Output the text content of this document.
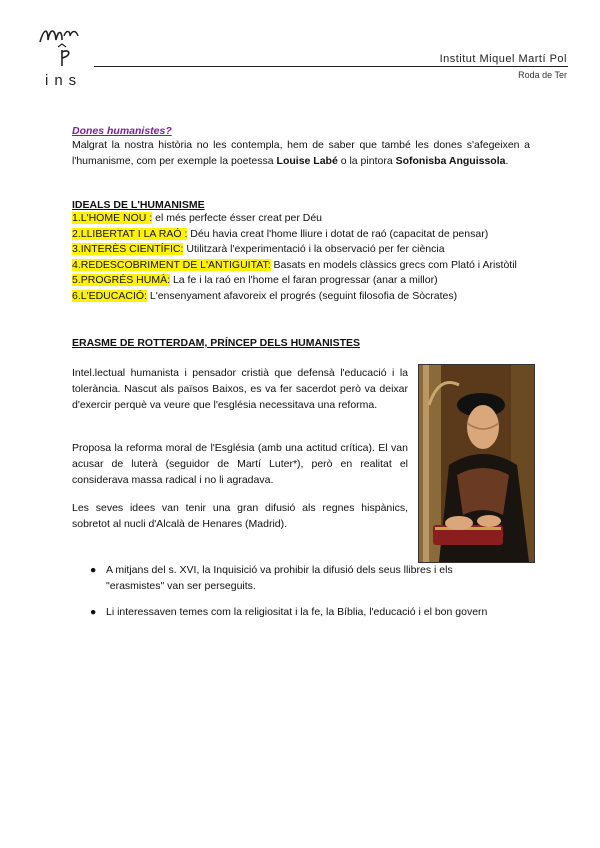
ins
Institut Miquel Martí Pol
Roda de Ter
Dones humanistes?
Malgrat la nostra història no les contempla, hem de saber que també les dones s'afegeixen a l'humanisme, com per exemple la poetessa Louise Labé o la pintora Sofonisba Anguissola.
IDEALS DE L'HUMANISME
1.L'HOME NOU : el més perfecte ésser creat per Déu
2.LLIBERTAT I LA RAÓ : Déu havia creat l'home lliure i dotat de raó (capacitat de pensar)
3.INTERÈS CIENTÍFIC: Utilitzarà l'experimentació i la observació per fer ciència
4.REDESCOBRIMENT DE L'ANTIGUITAT: Basats en models clàssics grecs com Plató i Aristòtil
5.PROGRÉS HUMÀ: La fe i la raó en l'home el faran progressar (anar a millor)
6.L'EDUCACIÓ: L'ensenyament afavoreix el progrés (seguint filosofia de Sòcrates)
ERASME DE ROTTERDAM, PRÍNCEP DELS HUMANISTES
Intel.lectual humanista i pensador cristià que defensà l'educació i la tolerància. Nascut als països Baixos, es va fer sacerdot però va deixar d'exercir perquè va veure que l'església necessitava una reforma.
Proposa la reforma moral de l'Església (amb una actitud crítica). El van acusar de luterà (seguidor de Martí Luter*), però en realitat el considerava massa radical i no li agradava.
Les seves idees van tenir una gran difusió als regnes hispànics, sobretot al nucli d'Alcalà de Henares (Madrid).
● A mitjans del s. XVI, la Inquisició va prohibir la difusió dels seus llibres i els "erasmistes" van ser perseguits.
● Li interessaven temes com la religiositat i la fe, la Bíblia, l'educació i el bon govern
